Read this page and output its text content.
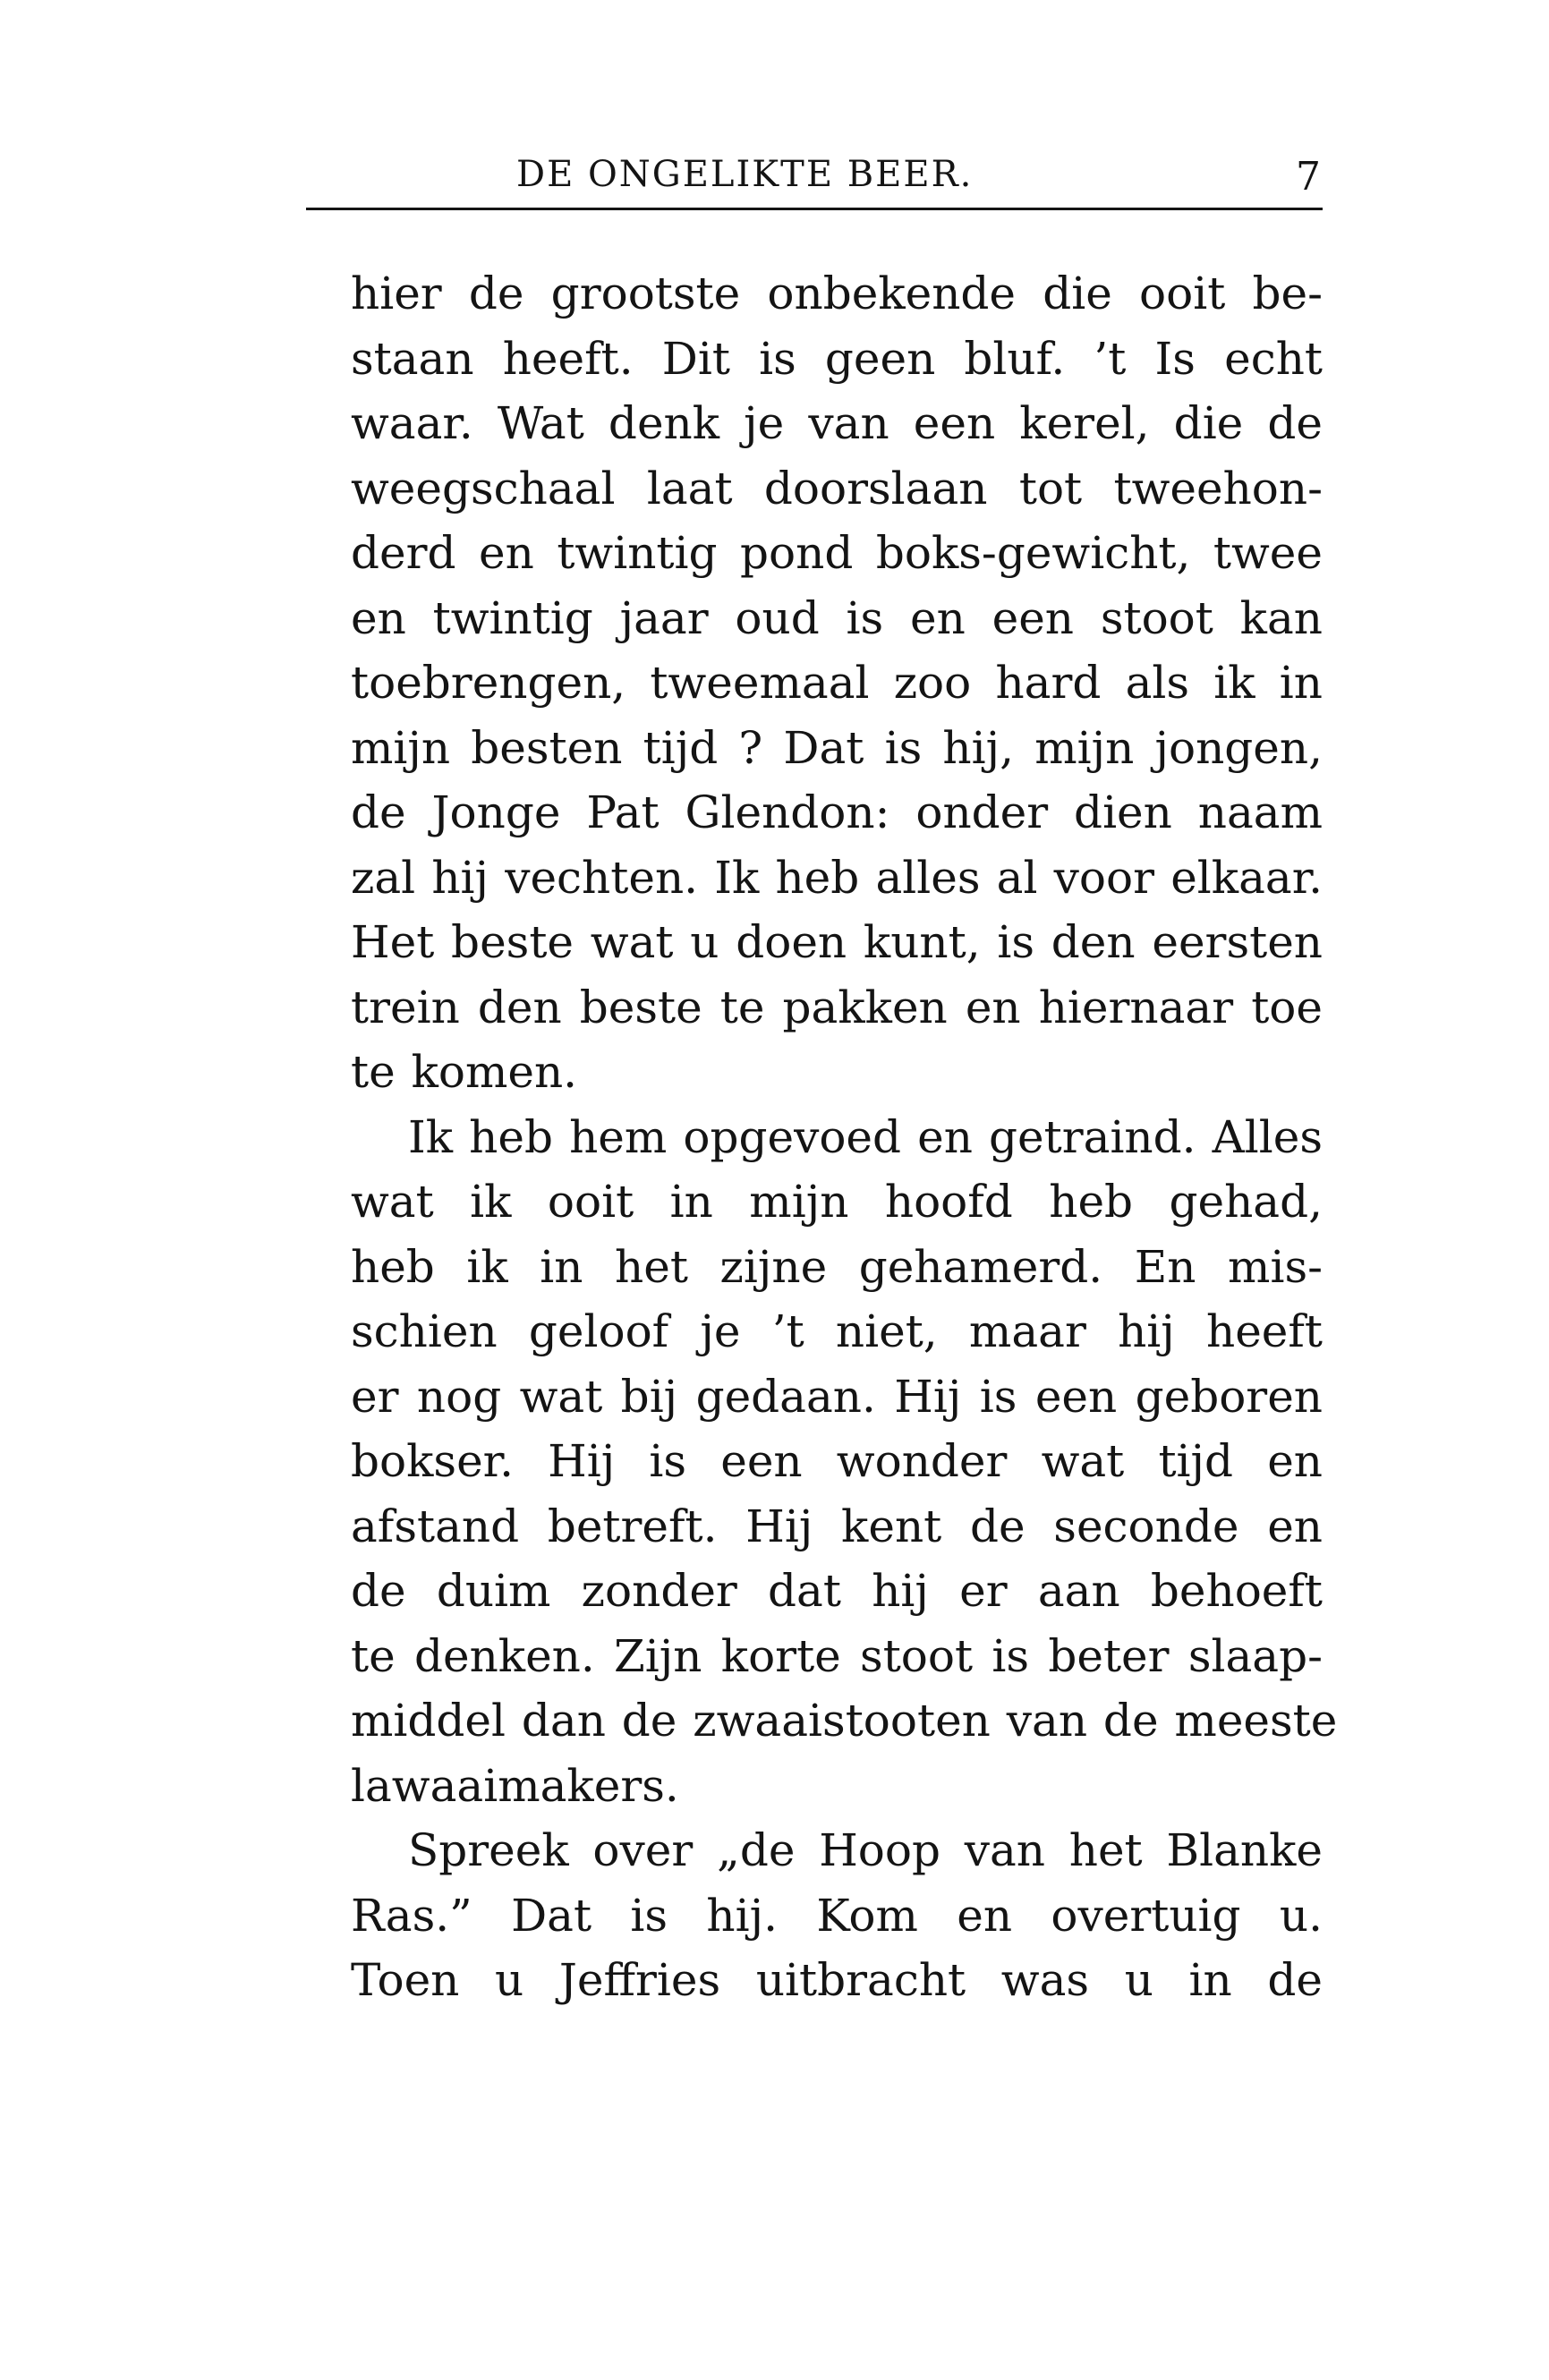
DE ONGELIKTE BEER.	7
hier de grootste onbekende die ooit be-
staan heeft. Dit is geen bluf. ’t Is echt
waar. Wat denk je van een kerel, die de
weegschaal laat doorslaan tot tweehon-
derd en twintig pond boks-gewicht, twee
en twintig jaar oud is en een stoot kan
toebrengen, tweemaal zoo hard als ik in
mijn besten tijd ? Dat is hij, mijn jongen,
de Jonge Pat Glendon: onder dien naam
zal hij vechten. Ik heb alles al voor elkaar.
Het beste wat u doen kunt, is den eersten
trein den beste te pakken en hiernaar toe
te komen.
Ik heb hem opgevoed en getraind. Alles
wat ik ooit in mijn hoofd heb gehad,
heb ik in het zijne gehamerd. En mis-
schien geloof je ’t niet, maar hij heeft
er nog wat bij gedaan. Hij is een geboren
bokser. Hij is een wonder wat tijd en
afstand betreft. Hij kent de seconde en
de duim zonder dat hij er aan behoeft
te denken. Zijn korte stoot is beter slaap-
middel dan de zwaaistooten van de meeste
lawaaimakers.
Spreek over „de Hoop van het Blanke
Ras.” Dat is hij. Kom en overtuig u.
Toen u Jeffries uitbracht was u in de
